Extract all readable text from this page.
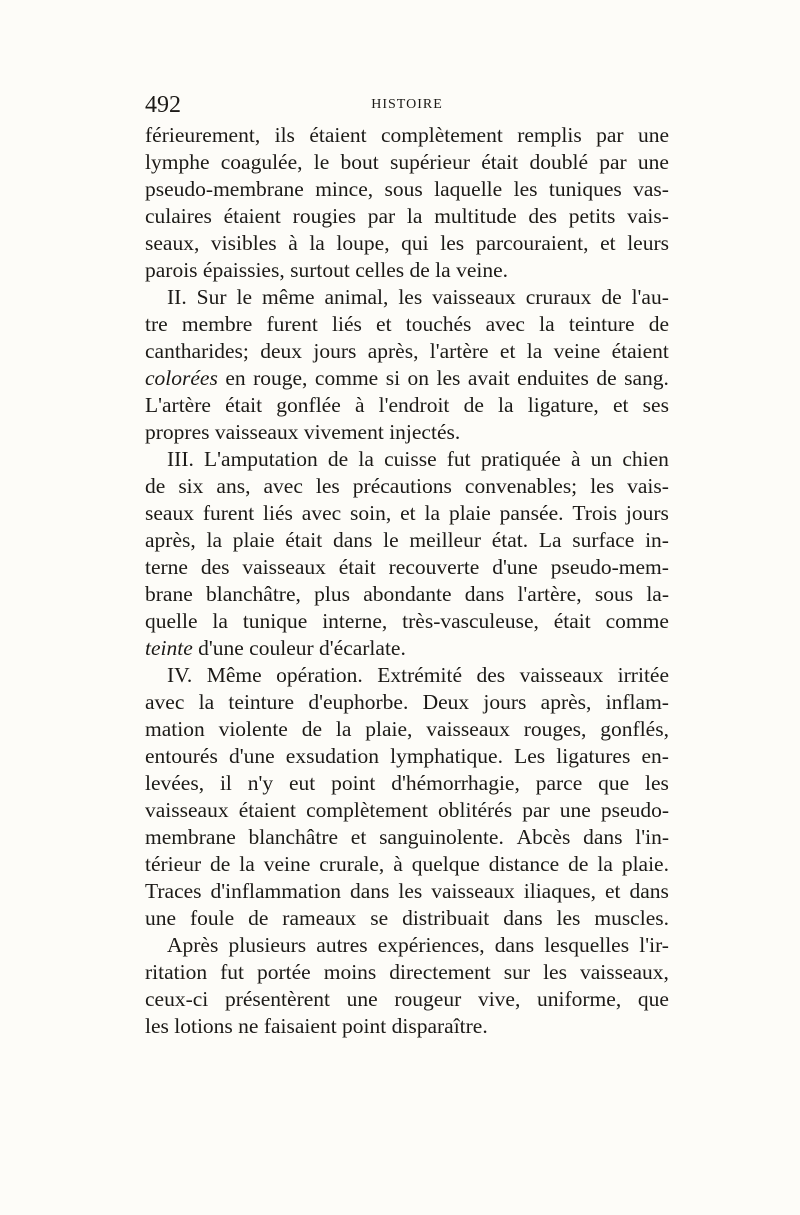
492	HISTOIRE
férieurement, ils étaient complètement remplis par une
lymphe coagulée, le bout supérieur était doublé par une
pseudo-membrane mince, sous laquelle les tuniques vas-
culaires étaient rougies par la multitude des petits vais-
seaux, visibles à la loupe, qui les parcouraient, et leurs
parois épaissies, surtout celles de la veine.
II. Sur le même animal, les vaisseaux cruraux de l'au-
tre membre furent liés et touchés avec la teinture de
cantharides; deux jours après, l'artère et la veine étaient
colorées en rouge, comme si on les avait enduites de sang.
L'artère était gonflée à l'endroit de la ligature, et ses
propres vaisseaux vivement injectés.
III. L'amputation de la cuisse fut pratiquée à un chien
de six ans, avec les précautions convenables; les vais-
seaux furent liés avec soin, et la plaie pansée. Trois jours
après, la plaie était dans le meilleur état. La surface in-
terne des vaisseaux était recouverte d'une pseudo-mem-
brane blanchâtre, plus abondante dans l'artère, sous la-
quelle la tunique interne, très-vasculeuse, était comme
teinte d'une couleur d'écarlate.
IV. Même opération. Extrémité des vaisseaux irritée
avec la teinture d'euphorbe. Deux jours après, inflam-
mation violente de la plaie, vaisseaux rouges, gonflés,
entourés d'une exsudation lymphatique. Les ligatures en-
levées, il n'y eut point d'hémorrhagie, parce que les
vaisseaux étaient complètement oblitérés par une pseudo-
membrane blanchâtre et sanguinolente. Abcès dans l'in-
térieur de la veine crurale, à quelque distance de la plaie.
Traces d'inflammation dans les vaisseaux iliaques, et dans
une foule de rameaux se distribuait dans les muscles.
Après plusieurs autres expériences, dans lesquelles l'ir-
ritation fut portée moins directement sur les vaisseaux,
ceux-ci présentèrent une rougeur vive, uniforme, que
les lotions ne faisaient point disparaître.
